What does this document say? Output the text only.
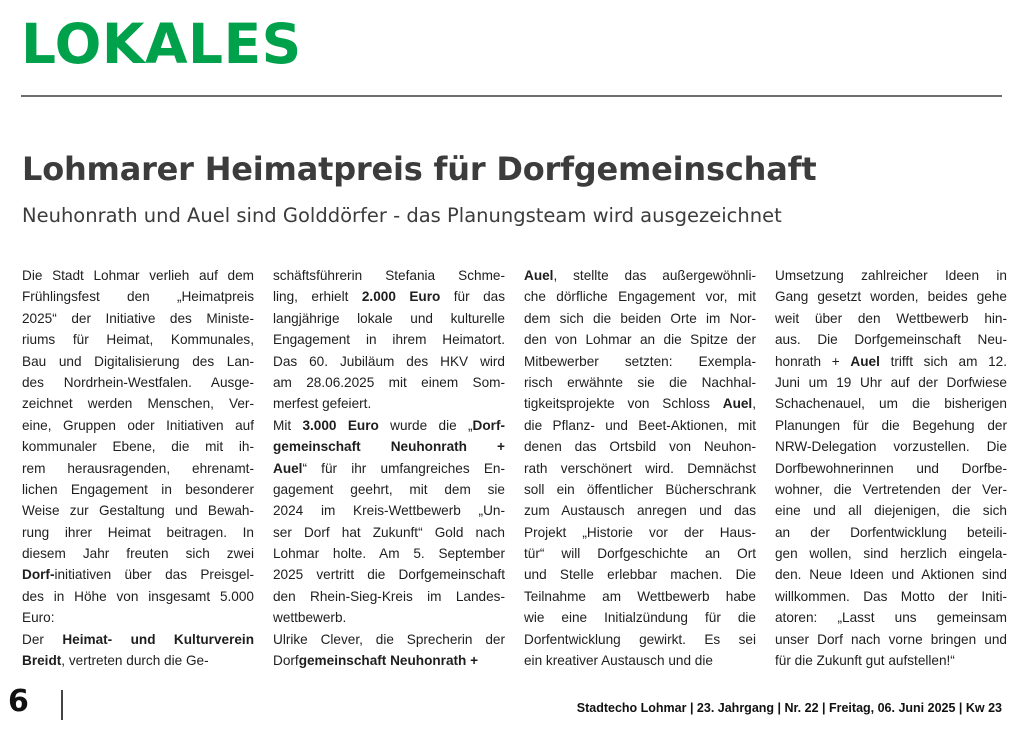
LOKALES
Lohmarer Heimatpreis für Dorfgemeinschaft

Neuhonrath und Auel sind Golddörfer - das Planungsteam wird ausgezeichnet

Die Stadt Lohmar verlieh auf dem
Frühlingsfest den „Heimatpreis
2025“ der Initiative des Ministe-
riums für Heimat, Kommunales,
Bau und Digitalisierung des Lan-
des Nordrhein-Westfalen. Ausge-
zeichnet werden Menschen, Ver-
eine, Gruppen oder Initiativen auf
kommunaler Ebene, die mit ih-
rem herausragenden, ehrenamt-
lichen Engagement in besonderer
Weise zur Gestaltung und Bewah-
rung ihrer Heimat beitragen. In
diesem Jahr freuten sich zwei
Dorf-initiativen über das Preisgel-
des in Höhe von insgesamt 5.000
Euro:
Der Heimat- und Kulturverein
Breidt, vertreten durch die Ge-
schäftsführerin Stefania Schme-
ling, erhielt 2.000 Euro für das
langjährige lokale und kulturelle
Engagement in ihrem Heimatort.
Das 60. Jubiläum des HKV wird
am 28.06.2025 mit einem Som-
merfest gefeiert.
Mit 3.000 Euro wurde die „Dorf-
gemeinschaft Neuhonrath +
Auel“ für ihr umfangreiches En-
gagement geehrt, mit dem sie
2024 im Kreis-Wettbewerb „Un-
ser Dorf hat Zukunft“ Gold nach
Lohmar holte. Am 5. September
2025 vertritt die Dorfgemeinschaft
den Rhein-Sieg-Kreis im Landes-
wettbewerb.
Ulrike Clever, die Sprecherin der
Dorfgemeinschaft Neuhonrath +
Auel, stellte das außergewöhnli-
che dörfliche Engagement vor, mit
dem sich die beiden Orte im Nor-
den von Lohmar an die Spitze der
Mitbewerber setzten: Exempla-
risch erwähnte sie die Nachhal-
tigkeitsprojekte von Schloss Auel,
die Pflanz- und Beet-Aktionen, mit
denen das Ortsbild von Neuhon-
rath verschönert wird. Demnächst
soll ein öffentlicher Bücherschrank
zum Austausch anregen und das
Projekt „Historie vor der Haus-
tür“ will Dorfgeschichte an Ort
und Stelle erlebbar machen. Die
Teilnahme am Wettbewerb habe
wie eine Initialzündung für die
Dorfentwicklung gewirkt. Es sei
ein kreativer Austausch und die
Umsetzung zahlreicher Ideen in
Gang gesetzt worden, beides gehe
weit über den Wettbewerb hin-
aus. Die Dorfgemeinschaft Neu-
honrath + Auel trifft sich am 12.
Juni um 19 Uhr auf der Dorfwiese
Schachenauel, um die bisherigen
Planungen für die Begehung der
NRW-Delegation vorzustellen. Die
Dorfbewohnerinnen und Dorfbe-
wohner, die Vertretenden der Ver-
eine und all diejenigen, die sich
an der Dorfentwicklung beteili-
gen wollen, sind herzlich eingela-
den. Neue Ideen und Aktionen sind
willkommen. Das Motto der Initi-
atoren: „Lasst uns gemeinsam
unser Dorf nach vorne bringen und
für die Zukunft gut aufstellen!“
6	Stadtecho Lohmar | 23. Jahrgang | Nr. 22 | Freitag, 06. Juni 2025 | Kw 23
